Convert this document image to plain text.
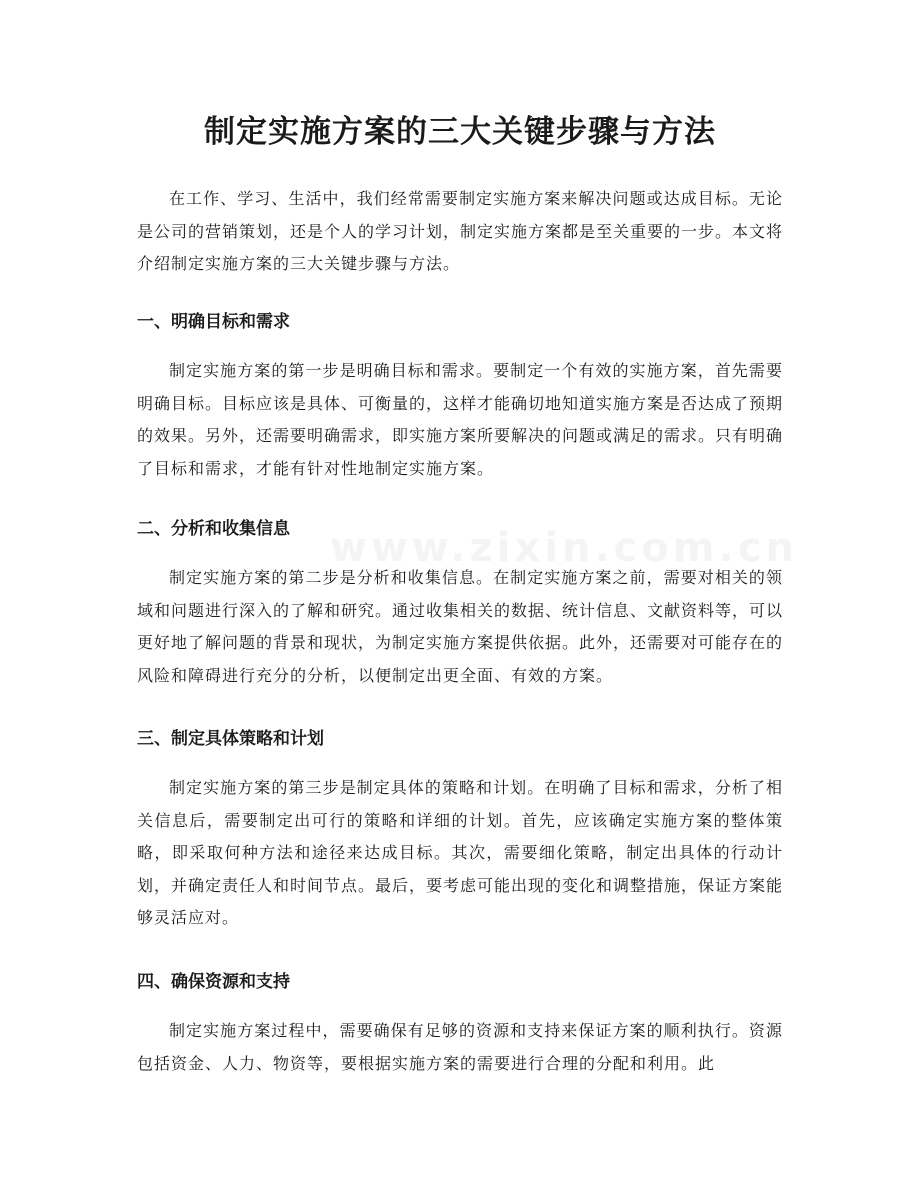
制定实施方案的三大关键步骤与方法

在工作、学习、生活中，我们经常需要制定实施方案来解决问题或达成目标。无论是公司的营销策划，还是个人的学习计划，制定实施方案都是至关重要的一步。本文将介绍制定实施方案的三大关键步骤与方法。

一、明确目标和需求

制定实施方案的第一步是明确目标和需求。要制定一个有效的实施方案，首先需要明确目标。目标应该是具体、可衡量的，这样才能确切地知道实施方案是否达成了预期的效果。另外，还需要明确需求，即实施方案所要解决的问题或满足的需求。只有明确了目标和需求，才能有针对性地制定实施方案。

二、分析和收集信息

制定实施方案的第二步是分析和收集信息。在制定实施方案之前，需要对相关的领域和问题进行深入的了解和研究。通过收集相关的数据、统计信息、文献资料等，可以更好地了解问题的背景和现状，为制定实施方案提供依据。此外，还需要对可能存在的风险和障碍进行充分的分析，以便制定出更全面、有效的方案。

三、制定具体策略和计划

制定实施方案的第三步是制定具体的策略和计划。在明确了目标和需求，分析了相关信息后，需要制定出可行的策略和详细的计划。首先，应该确定实施方案的整体策略，即采取何种方法和途径来达成目标。其次，需要细化策略，制定出具体的行动计划，并确定责任人和时间节点。最后，要考虑可能出现的变化和调整措施，保证方案能够灵活应对。

四、确保资源和支持

制定实施方案过程中，需要确保有足够的资源和支持来保证方案的顺利执行。资源包括资金、人力、物资等，要根据实施方案的需要进行合理的分配和利用。此
